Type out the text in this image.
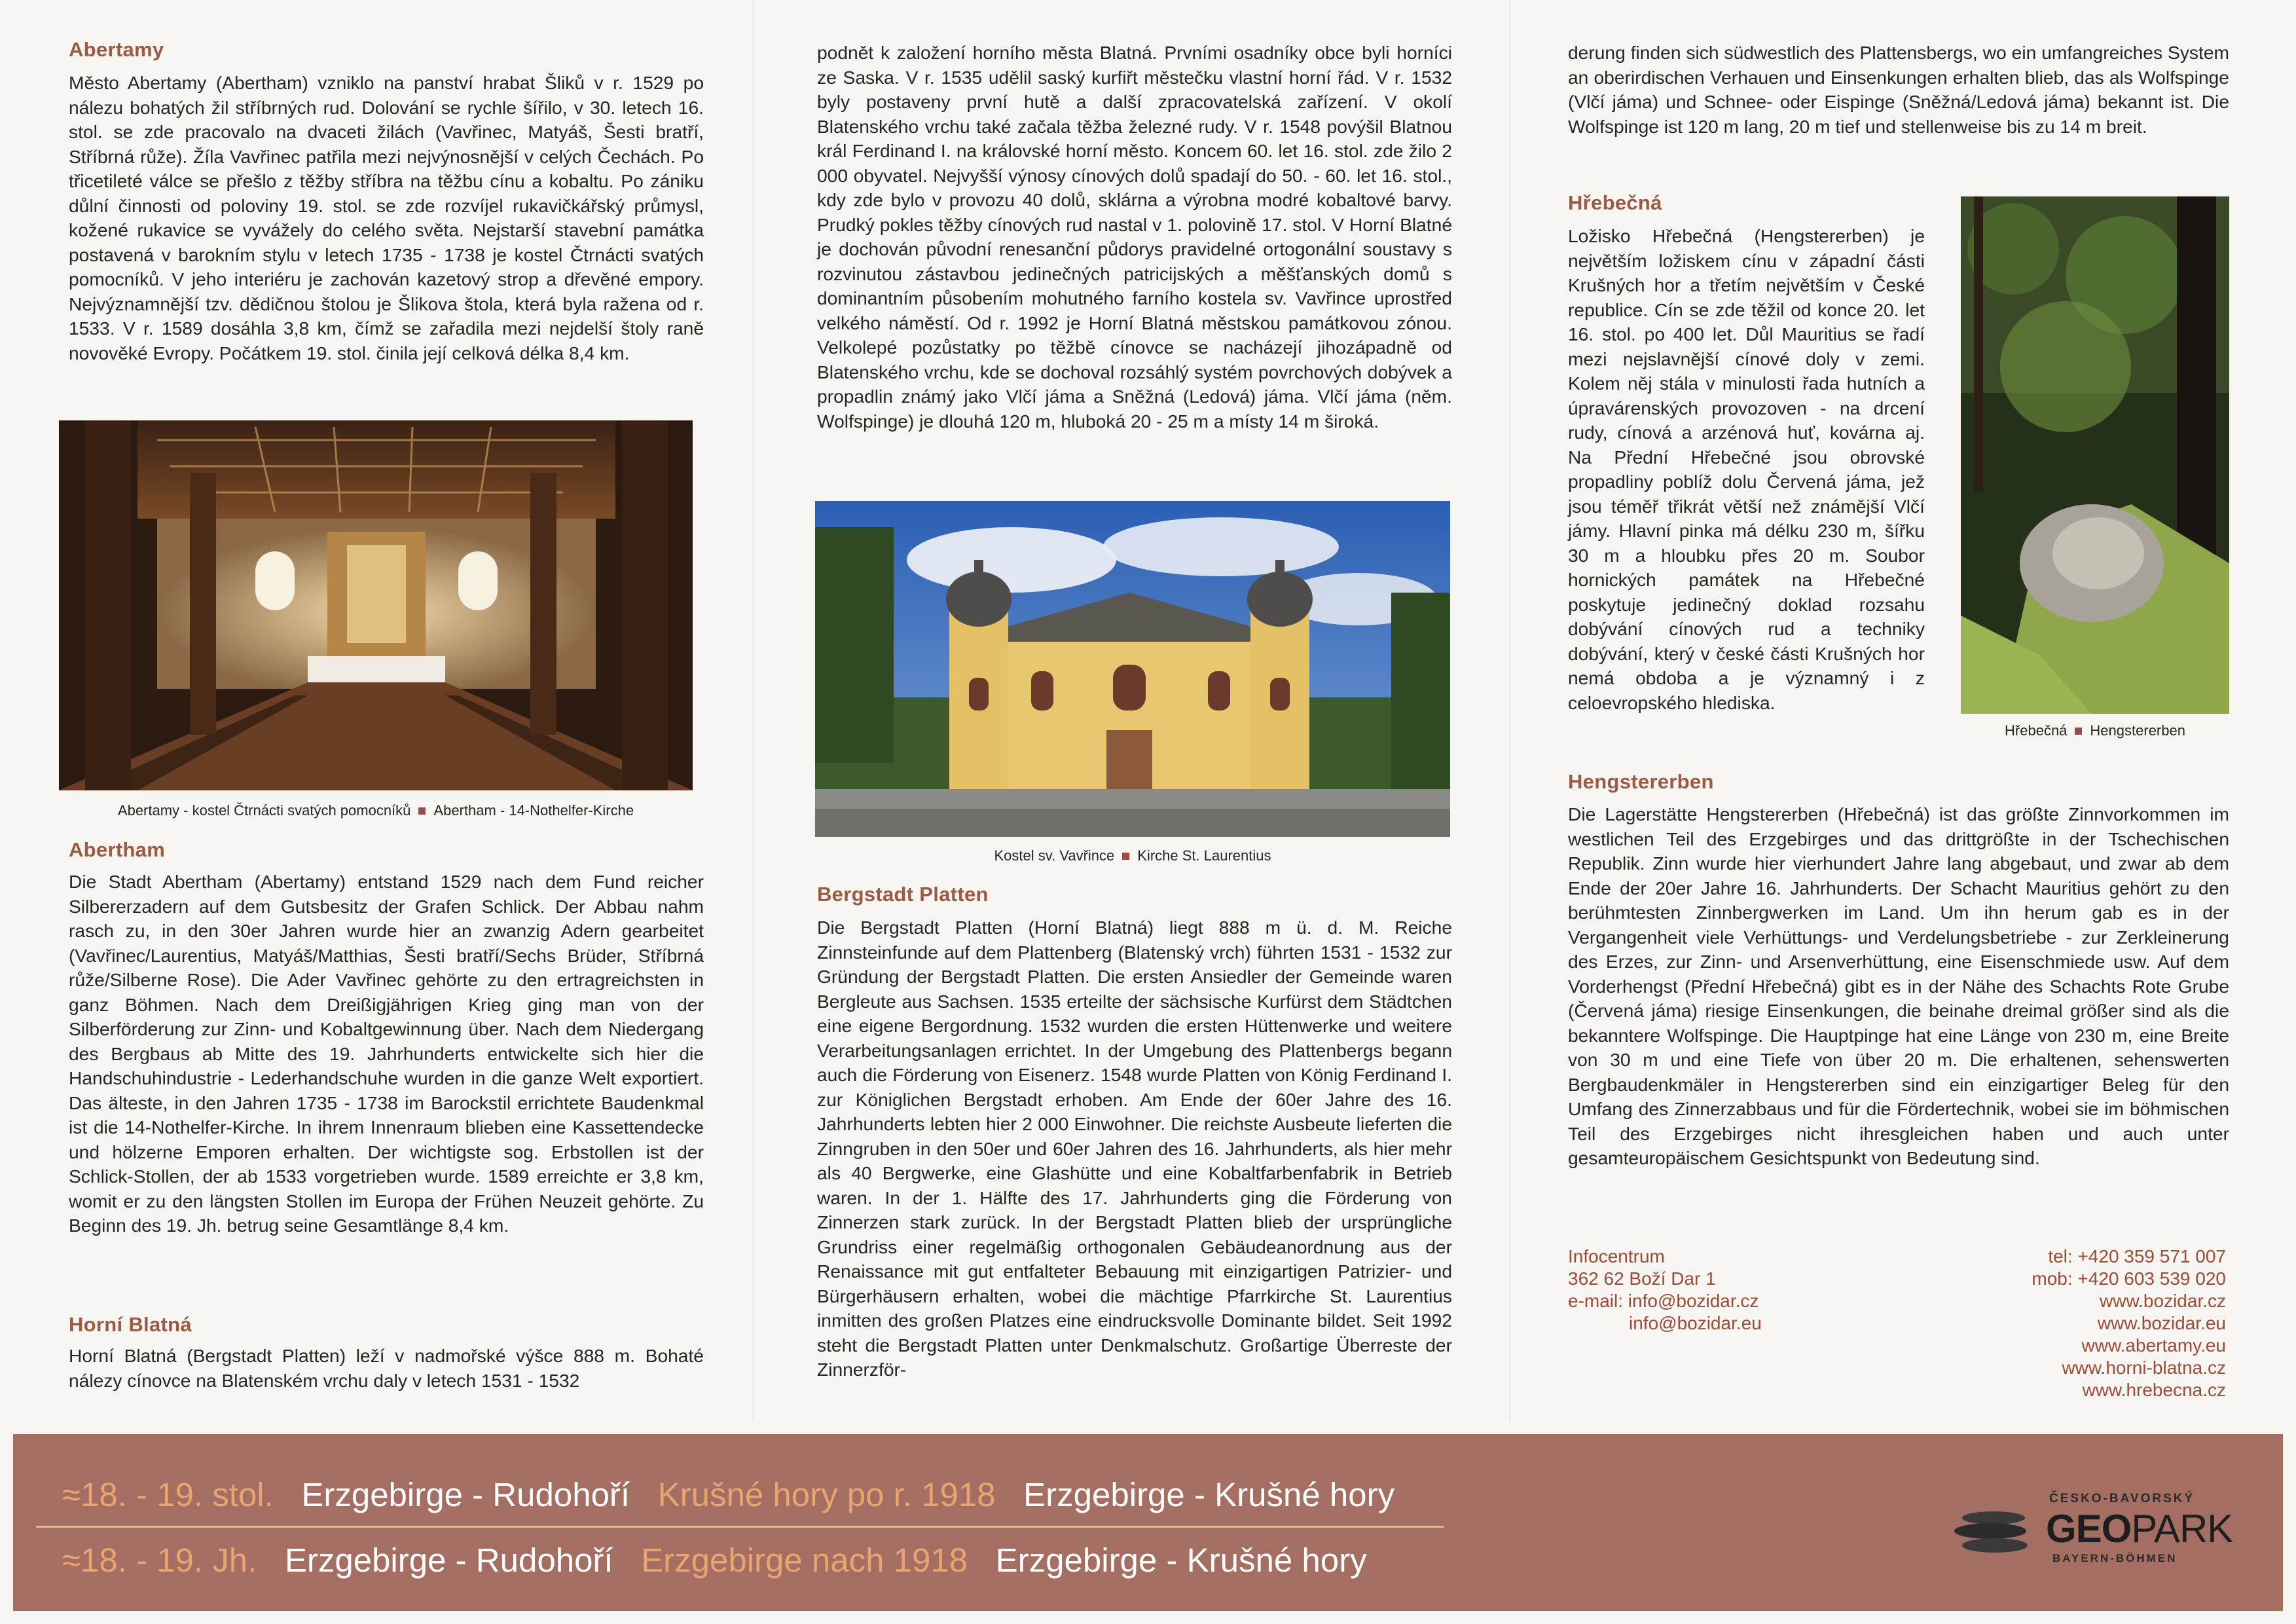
Abertamy

Město Abertamy (Abertham) vzniklo na panství hrabat Šliků v r. 1529 po nálezu bohatých žil stříbrných rud. Dolování se rychle šířilo, v 30. letech 16. stol. se zde pracovalo na dvaceti žilách (Vavřinec, Matyáš, Šesti bratří, Stříbrná růže). Žíla Vavřinec patřila mezi nejvýnosnější v celých Čechách. Po třicetileté válce se přešlo z těžby stříbra na těžbu cínu a kobaltu. Po zániku důlní činnosti od poloviny 19. stol. se zde rozvíjel rukavičkářský průmysl, kožené rukavice se vyvážely do celého světa. Nejstarší stavební památka postavená v barokním stylu v letech 1735 - 1738 je kostel Čtrnácti svatých pomocníků. V jeho interiéru je zachován kazetový strop a dřevěné empory. Nejvýznamnější tzv. dědičnou štolou je Šlikova štola, která byla ražena od r. 1533. V r. 1589 dosáhla 3,8 km, čímž se zařadila mezi nejdelší štoly raně novověké Evropy. Počátkem 19. stol. činila její celková délka 8,4 km.

Abertamy - kostel Čtrnácti svatých pomocníků Abertham - 14-Nothelfer-Kirche
Abertham

Die Stadt Abertham (Abertamy) entstand 1529 nach dem Fund reicher Silbererzadern auf dem Gutsbesitz der Grafen Schlick. Der Abbau nahm rasch zu, in den 30er Jahren wurde hier an zwanzig Adern gearbeitet (Vavřinec/Laurentius, Matyáš/Matthias, Šesti bratří/Sechs Brüder, Stříbrná růže/Silberne Rose). Die Ader Vavřinec gehörte zu den ertragreichsten in ganz Böhmen. Nach dem Dreißigjährigen Krieg ging man von der Silberförderung zur Zinn- und Kobaltgewinnung über. Nach dem Niedergang des Bergbaus ab Mitte des 19. Jahrhunderts entwickelte sich hier die Handschuhindustrie - Lederhandschuhe wurden in die ganze Welt exportiert. Das älteste, in den Jahren 1735 - 1738 im Barockstil errichtete Baudenkmal ist die 14-Nothelfer-Kirche. In ihrem Innenraum blieben eine Kassettendecke und hölzerne Emporen erhalten. Der wichtigste sog. Erbstollen ist der Schlick-Stollen, der ab 1533 vorgetrieben wurde. 1589 erreichte er 3,8 km, womit er zu den längsten Stollen im Europa der Frühen Neuzeit gehörte. Zu Beginn des 19. Jh. betrug seine Gesamtlänge 8,4 km.

Horní Blatná

Horní Blatná (Bergstadt Platten) leží v nadmořské výšce 888 m. Bohaté nálezy cínovce na Blatenském vrchu daly v letech 1531 - 1532

podnět k založení horního města Blatná. Prvními osadníky obce byli horníci ze Saska. V r. 1535 udělil saský kurfiřt městečku vlastní horní řád. V r. 1532 byly postaveny první hutě a další zpracovatelská zařízení. V okolí Blatenského vrchu také začala těžba železné rudy. V r. 1548 povýšil Blatnou král Ferdinand I. na královské horní město. Koncem 60. let 16. stol. zde žilo 2 000 obyvatel. Nejvyšší výnosy cínových dolů spadají do 50. - 60. let 16. stol., kdy zde bylo v provozu 40 dolů, sklárna a výrobna modré kobaltové barvy. Prudký pokles těžby cínových rud nastal v 1. polovině 17. stol. V Horní Blatné je dochován původní renesanční půdorys pravidelné ortogonální soustavy s rozvinutou zástavbou jedinečných patricijských a měšťanských domů s dominantním působením mohutného farního kostela sv. Vavřince uprostřed velkého náměstí. Od r. 1992 je Horní Blatná městskou památkovou zónou. Velkolepé pozůstatky po těžbě cínovce se nacházejí jihozápadně od Blatenského vrchu, kde se dochoval rozsáhlý systém povrchových dobývek a propadlin známý jako Vlčí jáma a Sněžná (Ledová) jáma. Vlčí jáma (něm. Wolfspinge) je dlouhá 120 m, hluboká 20 - 25 m a místy 14 m široká.

Kostel sv. Vavřince Kirche St. Laurentius
Bergstadt Platten

Die Bergstadt Platten (Horní Blatná) liegt 888 m ü. d. M. Reiche Zinnsteinfunde auf dem Plattenberg (Blatenský vrch) führten 1531 - 1532 zur Gründung der Bergstadt Platten. Die ersten Ansiedler der Gemeinde waren Bergleute aus Sachsen. 1535 erteilte der sächsische Kurfürst dem Städtchen eine eigene Bergordnung. 1532 wurden die ersten Hüttenwerke und weitere Verarbeitungsanlagen errichtet. In der Umgebung des Plattenbergs begann auch die Förderung von Eisenerz. 1548 wurde Platten von König Ferdinand I. zur Königlichen Bergstadt erhoben. Am Ende der 60er Jahre des 16. Jahrhunderts lebten hier 2 000 Einwohner. Die reichste Ausbeute lieferten die Zinngruben in den 50er und 60er Jahren des 16. Jahrhunderts, als hier mehr als 40 Bergwerke, eine Glashütte und eine Kobaltfarbenfabrik in Betrieb waren. In der 1. Hälfte des 17. Jahrhunderts ging die Förderung von Zinnerzen stark zurück. In der Bergstadt Platten blieb der ursprüngliche Grundriss einer regelmäßig orthogonalen Gebäudeanordnung aus der Renaissance mit gut entfalteter Bebauung mit einzigartigen Patrizier- und Bürgerhäusern erhalten, wobei die mächtige Pfarrkirche St. Laurentius inmitten des großen Platzes eine eindrucksvolle Dominante bildet. Seit 1992 steht die Bergstadt Platten unter Denkmalschutz. Großartige Überreste der Zinnerzför-

derung finden sich südwestlich des Plattensbergs, wo ein umfangreiches System an oberirdischen Verhauen und Einsenkungen erhalten blieb, das als Wolfspinge (Vlčí jáma) und Schnee- oder Eispinge (Sněžná/Ledová jáma) bekannt ist. Die Wolfspinge ist 120 m lang, 20 m tief und stellenweise bis zu 14 m breit.

Hřebečná

Ložisko Hřebečná (Hengstererben) je největším ložiskem cínu v západní části Krušných hor a třetím největším v České republice. Cín se zde těžil od konce 20. let 16. stol. po 400 let. Důl Mauritius se řadí mezi nejslavnější cínové doly v zemi. Kolem něj stála v minulosti řada hutních a úpravárenských provozoven - na drcení rudy, cínová a arzénová huť, kovárna aj. Na Přední Hřebečné jsou obrovské propadliny poblíž dolu Červená jáma, jež jsou téměř třikrát větší než známější Vlčí jámy. Hlavní pinka má délku 230 m, šířku 30 m a hloubku přes 20 m. Soubor hornických památek na Hřebečné poskytuje jedinečný doklad rozsahu dobývání cínových rud a techniky dobývání, který v české části Krušných hor nemá obdoba a je významný i z celoevropského hlediska.

Hřebečná Hengstererben
Hengstererben

Die Lagerstätte Hengstererben (Hřebečná) ist das größte Zinnvorkommen im westlichen Teil des Erzgebirges und das drittgrößte in der Tschechischen Republik. Zinn wurde hier vierhundert Jahre lang abgebaut, und zwar ab dem Ende der 20er Jahre 16. Jahrhunderts. Der Schacht Mauritius gehört zu den berühmtesten Zinnbergwerken im Land. Um ihn herum gab es in der Vergangenheit viele Verhüttungs- und Verdelungsbetriebe - zur Zerkleinerung des Erzes, zur Zinn- und Arsenverhüttung, eine Eisenschmiede usw. Auf dem Vorderhengst (Přední Hřebečná) gibt es in der Nähe des Schachts Rote Grube (Červená jáma) riesige Einsenkungen, die beinahe dreimal größer sind als die bekanntere Wolfspinge. Die Hauptpinge hat eine Länge von 230 m, eine Breite von 30 m und eine Tiefe von über 20 m. Die erhaltenen, sehenswerten Bergbaudenkmäler in Hengstererben sind ein einzigartiger Beleg für den Umfang des Zinnerzabbaus und für die Fördertechnik, wobei sie im böhmischen Teil des Erzgebirges nicht ihresgleichen haben und auch unter gesamteuropäischem Gesichtspunkt von Bedeutung sind.

Infocentrum
362 62 Boží Dar 1
e-mail: info@bozidar.cz
info@bozidar.eu
tel: +420 359 571 007
mob: +420 603 539 020
www.bozidar.cz
www.bozidar.eu
www.abertamy.eu
www.horni-blatna.cz
www.hrebecna.cz
≈18. - 19. stol. Erzgebirge - Rudohoří Krušné hory po r. 1918 Erzgebirge - Krušné hory
≈18. - 19. Jh. Erzgebirge - Rudohoří Erzgebirge nach 1918 Erzgebirge - Krušné hory
ČESKO-BAVORSKÝ
GEOPARK
BAYERN-BÖHMEN
